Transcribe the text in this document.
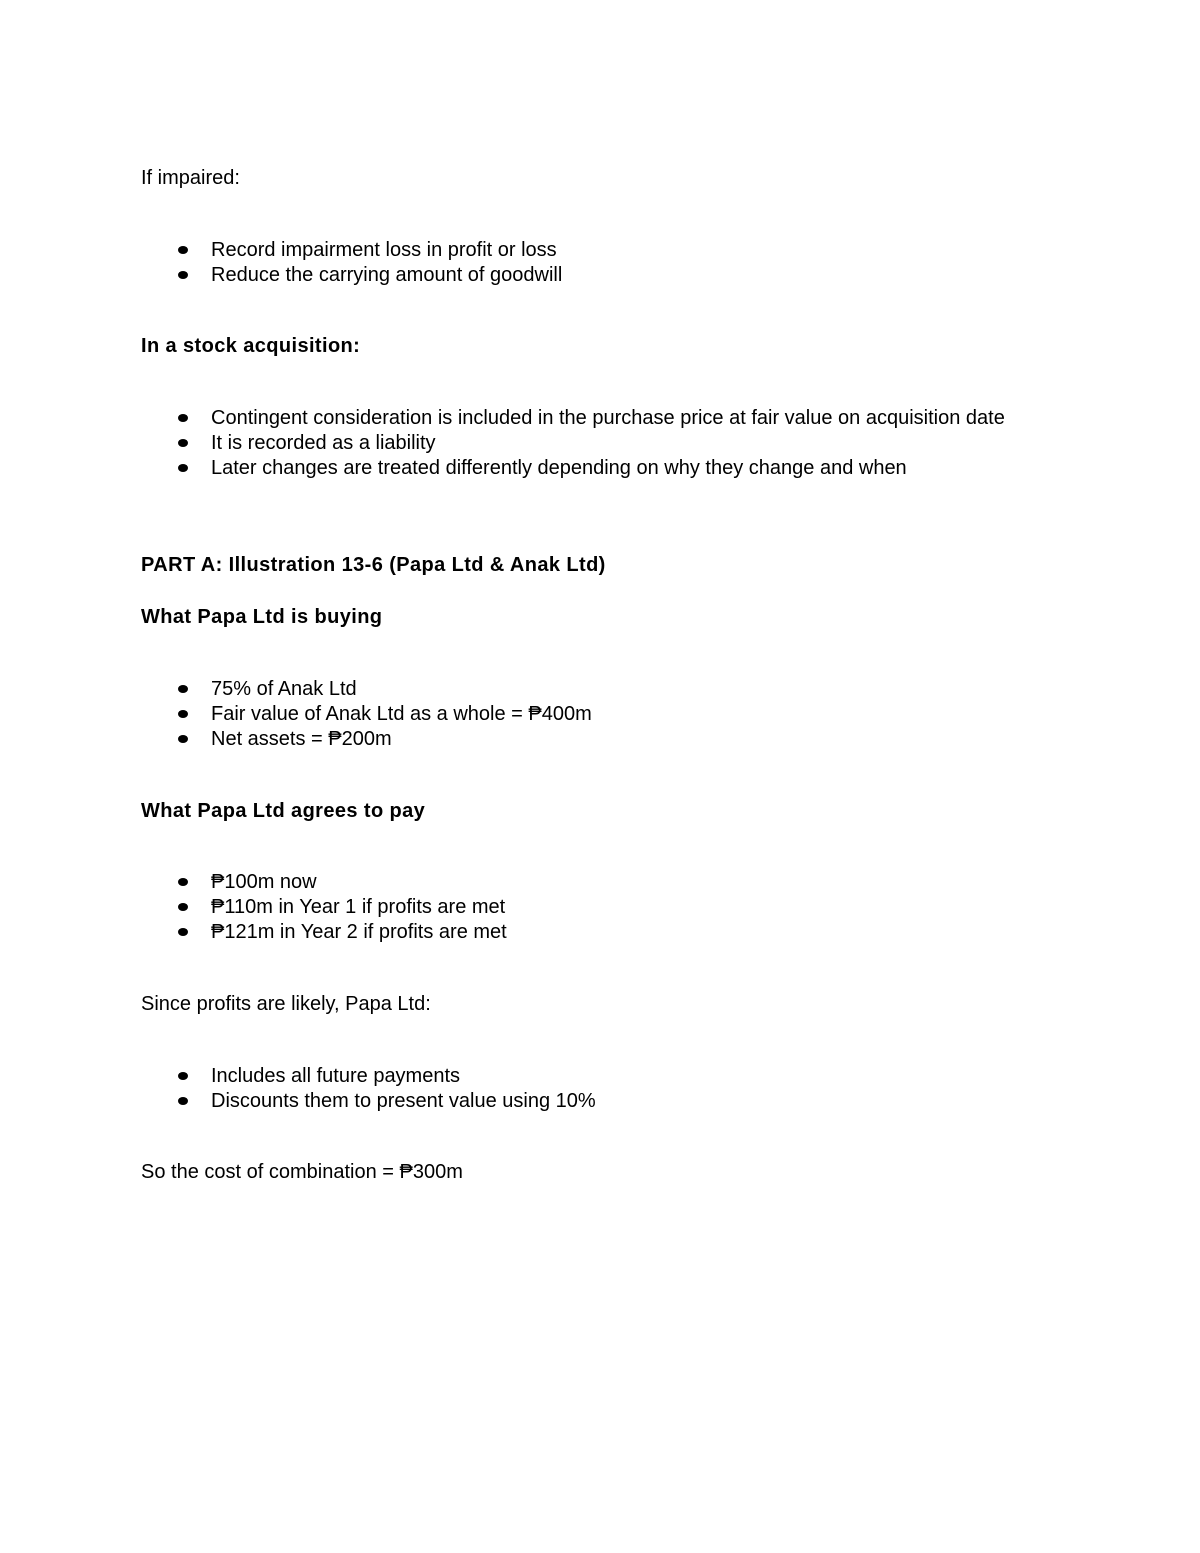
If impaired:

Record impairment loss in profit or loss
Reduce the carrying amount of goodwill

In a stock acquisition:

Contingent consideration is included in the purchase price at fair value on acquisition date
It is recorded as a liability
Later changes are treated differently depending on why they change and when

PART A: Illustration 13-6 (Papa Ltd & Anak Ltd)

What Papa Ltd is buying

75% of Anak Ltd
Fair value of Anak Ltd as a whole = ₱400m
Net assets = ₱200m

What Papa Ltd agrees to pay

₱100m now
₱110m in Year 1 if profits are met
₱121m in Year 2 if profits are met

Since profits are likely, Papa Ltd:

Includes all future payments
Discounts them to present value using 10%

So the cost of combination = ₱300m
